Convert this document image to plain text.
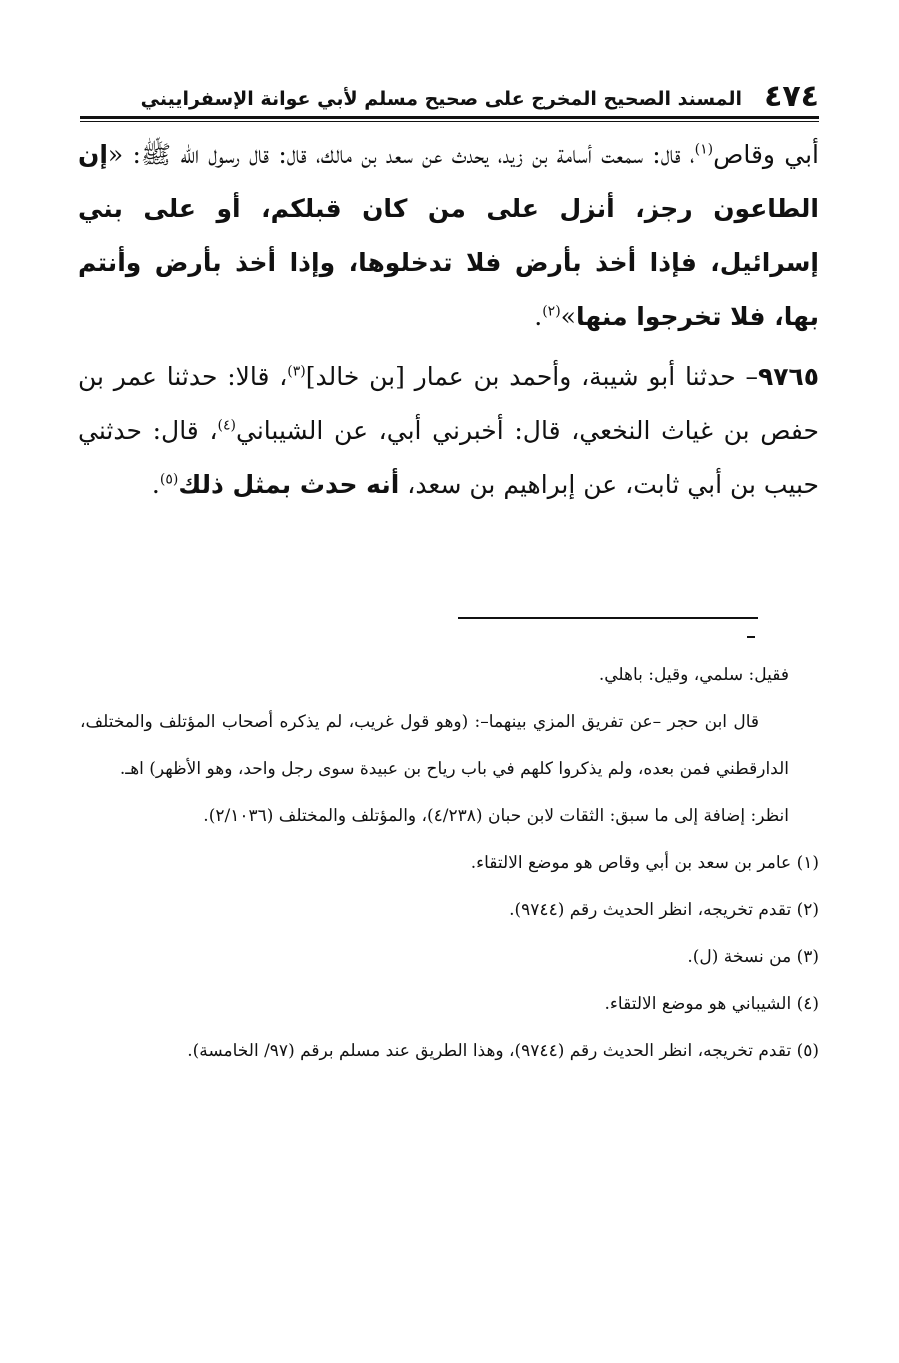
٤٧٤
المسند الصحيح المخرج على صحيح مسلم لأبي عوانة الإسفراييني

أبي وقاص$^{(١)}$، قال: سمعت أسامة بن زيد، يحدث عن سعد بن مالك، قال: قال رسول الله ﷺ: «إن الطاعون رجز، أنزل على من كان قبلكم، أو على بني إسرائيل، فإذا أخذ بأرض فلا تدخلوها، وإذا أخذ بأرض وأنتم بها، فلا تخرجوا منها»$^{(٢)}$.

٩٧٦٥– حدثنا أبو شيبة، وأحمد بن عمار [بن خالد]$^{(٣)}$، قالا: حدثنا عمر بن حفص بن غياث النخعي، قال: أخبرني أبي، عن الشيباني$^{(٤)}$، قال: حدثني حبيب بن أبي ثابت، عن إبراهيم بن سعد، أنه حدث بمثل ذلك$^{(٥)}$.

فقيل: سلمي، وقيل: باهلي.

قال ابن حجر –عن تفريق المزي بينهما–: (وهو قول غريب، لم يذكره أصحاب المؤتلف والمختلف، الدارقطني فمن بعده، ولم يذكروا كلهم في باب رياح بن عبيدة سوى رجل واحد، وهو الأظهر) اهـ.

انظر: إضافة إلى ما سبق: الثقات لابن حبان (٤/٢٣٨)، والمؤتلف والمختلف (٢/١٠٣٦).

(١) عامر بن سعد بن أبي وقاص هو موضع الالتقاء.

(٢) تقدم تخريجه، انظر الحديث رقم (٩٧٤٤).

(٣) من نسخة (ل).

(٤) الشيباني هو موضع الالتقاء.

(٥) تقدم تخريجه، انظر الحديث رقم (٩٧٤٤)، وهذا الطريق عند مسلم برقم (٩٧/ الخامسة).
